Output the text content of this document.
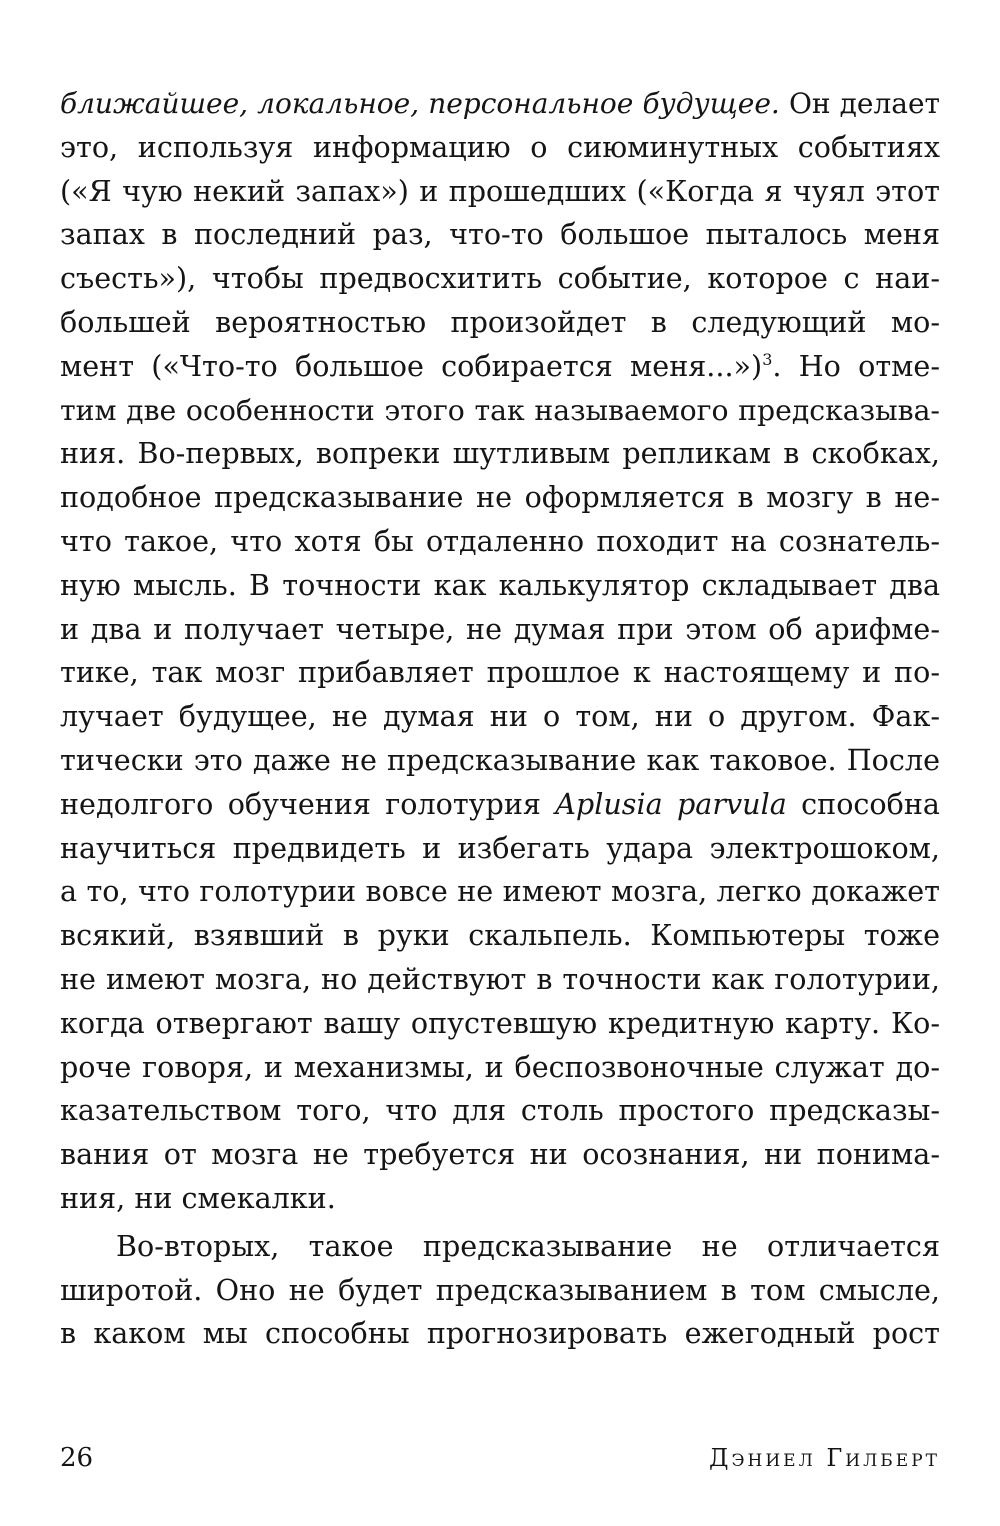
ближайшее, локальное, персональное будущее. Он делает
это, используя информацию о сиюминутных событиях
(«Я чую некий запах») и прошедших («Когда я чуял этот
запах в последний раз, что-то большое пыталось меня
съесть»), чтобы предвосхитить событие, которое с наи-
большей вероятностью произойдет в следующий мо-
мент («Что-то большое собирается меня...»)$^3$. Но отме-
тим две особенности этого так называемого предсказыва-
ния. Во-первых, вопреки шутливым репликам в скобках,
подобное предсказывание не оформляется в мозгу в не-
что такое, что хотя бы отдаленно походит на сознатель-
ную мысль. В точности как калькулятор складывает два
и два и получает четыре, не думая при этом об арифме-
тике, так мозг прибавляет прошлое к настоящему и по-
лучает будущее, не думая ни о том, ни о другом. Фак-
тически это даже не предсказывание как таковое. После
недолгого обучения голотурия Aplusia parvula способна
научиться предвидеть и избегать удара электрошоком,
а то, что голотурии вовсе не имеют мозга, легко докажет
всякий, взявший в руки скальпель. Компьютеры тоже
не имеют мозга, но действуют в точности как голотурии,
когда отвергают вашу опустевшую кредитную карту. Ко-
роче говоря, и механизмы, и беспозвоночные служат до-
казательством того, что для столь простого предсказы-
вания от мозга не требуется ни осознания, ни понима-
ния, ни смекалки.
Во-вторых, такое предсказывание не отличается
широтой. Оно не будет предсказыванием в том смысле,
в каком мы способны прогнозировать ежегодный рост
26	Дэниел Гилберт
